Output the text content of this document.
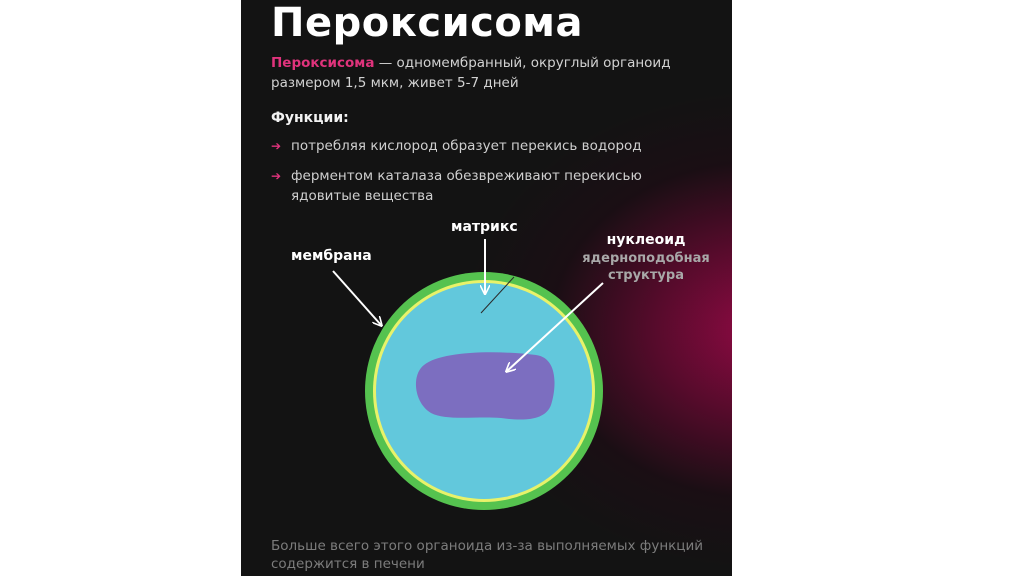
Пероксисома
Пероксисома — одномембранный, округлый органоид размером 1,5 мкм, живет 5-7 дней
Функции:
➔ потребляя кислород образует перекись водород
➔ ферментом каталаза обезвреживают перекисью ядовитые вещества
мембрана
матрикс
нуклеоид
ядерноподобная
структура
Больше всего этого органоида из-за выполняемых функций содержится в печени
